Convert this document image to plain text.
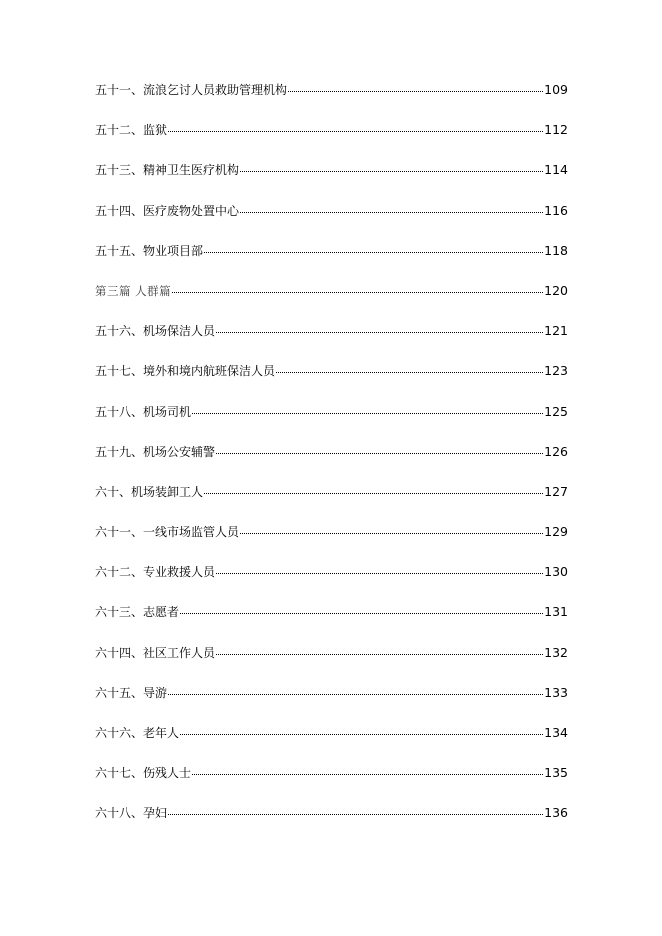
五十一、流浪乞讨人员救助管理机构	109
五十二、监狱	112
五十三、精神卫生医疗机构	114
五十四、医疗废物处置中心	116
五十五、物业项目部	118
第三篇 人群篇	120
五十六、机场保洁人员	121
五十七、境外和境内航班保洁人员	123
五十八、机场司机	125
五十九、机场公安辅警	126
六十、机场装卸工人	127
六十一、一线市场监管人员	129
六十二、专业救援人员	130
六十三、志愿者	131
六十四、社区工作人员	132
六十五、导游	133
六十六、老年人	134
六十七、伤残人士	135
六十八、孕妇	136
